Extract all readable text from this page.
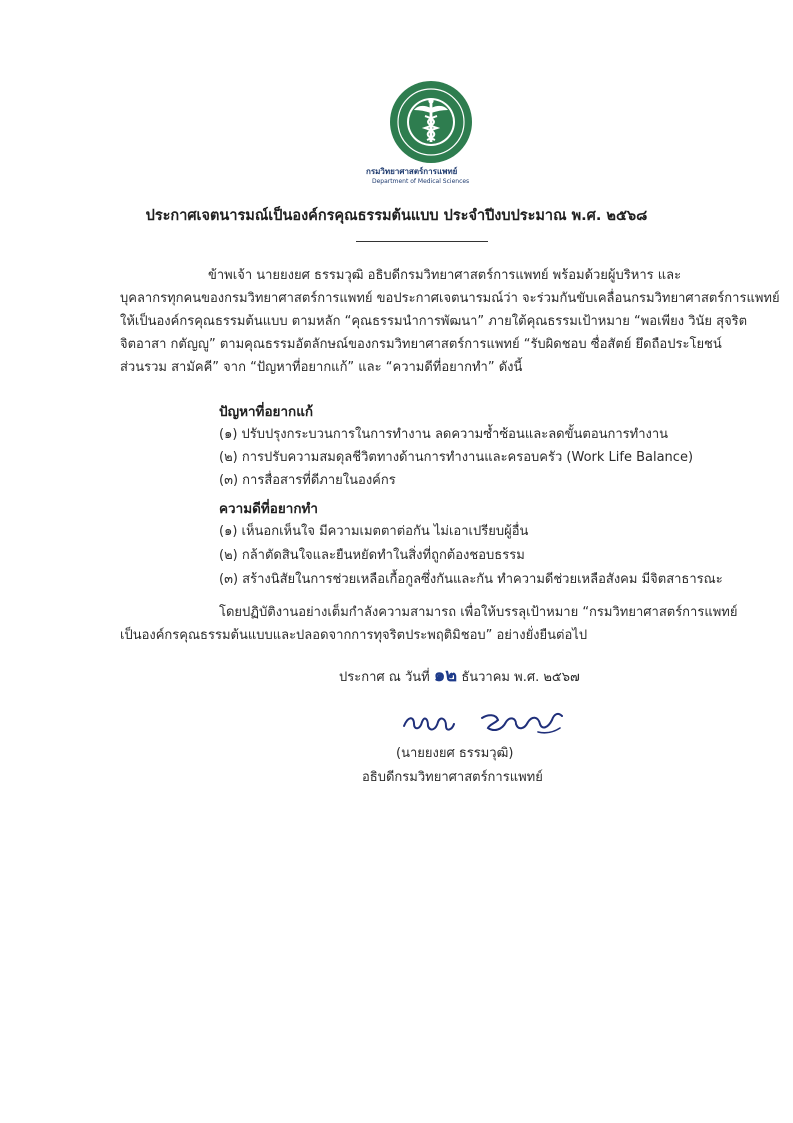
กรมวิทยาศาสตร์การแพทย์
Department of Medical Sciences
ประกาศเจตนารมณ์เป็นองค์กรคุณธรรมต้นแบบ ประจำปีงบประมาณ พ.ศ. ๒๕๖๘
ข้าพเจ้า นายยงยศ ธรรมวุฒิ อธิบดีกรมวิทยาศาสตร์การแพทย์ พร้อมด้วยผู้บริหาร และ
บุคลากรทุกคนของกรมวิทยาศาสตร์การแพทย์ ขอประกาศเจตนารมณ์ว่า จะร่วมกันขับเคลื่อนกรมวิทยาศาสตร์การแพทย์
ให้เป็นองค์กรคุณธรรมต้นแบบ ตามหลัก “คุณธรรมนำการพัฒนา” ภายใต้คุณธรรมเป้าหมาย “พอเพียง วินัย สุจริต
จิตอาสา กตัญญู” ตามคุณธรรมอัตลักษณ์ของกรมวิทยาศาสตร์การแพทย์ “รับผิดชอบ ซื่อสัตย์ ยึดถือประโยชน์
ส่วนรวม สามัคคี” จาก “ปัญหาที่อยากแก้” และ “ความดีที่อยากทำ” ดังนี้
ปัญหาที่อยากแก้
(๑) ปรับปรุงกระบวนการในการทำงาน ลดความซ้ำซ้อนและลดขั้นตอนการทำงาน
(๒) การปรับความสมดุลชีวิตทางด้านการทำงานและครอบครัว (Work Life Balance)
(๓) การสื่อสารที่ดีภายในองค์กร
ความดีที่อยากทำ
(๑) เห็นอกเห็นใจ มีความเมตตาต่อกัน ไม่เอาเปรียบผู้อื่น
(๒) กล้าตัดสินใจและยืนหยัดทำในสิ่งที่ถูกต้องชอบธรรม
(๓) สร้างนิสัยในการช่วยเหลือเกื้อกูลซึ่งกันและกัน ทำความดีช่วยเหลือสังคม มีจิตสาธารณะ
โดยปฏิบัติงานอย่างเต็มกำลังความสามารถ เพื่อให้บรรลุเป้าหมาย “กรมวิทยาศาสตร์การแพทย์
เป็นองค์กรคุณธรรมต้นแบบและปลอดจากการทุจริตประพฤติมิชอบ” อย่างยั่งยืนต่อไป
ประกาศ ณ วันที่ ๑๒ ธันวาคม พ.ศ. ๒๕๖๗
(นายยงยศ ธรรมวุฒิ)
อธิบดีกรมวิทยาศาสตร์การแพทย์
